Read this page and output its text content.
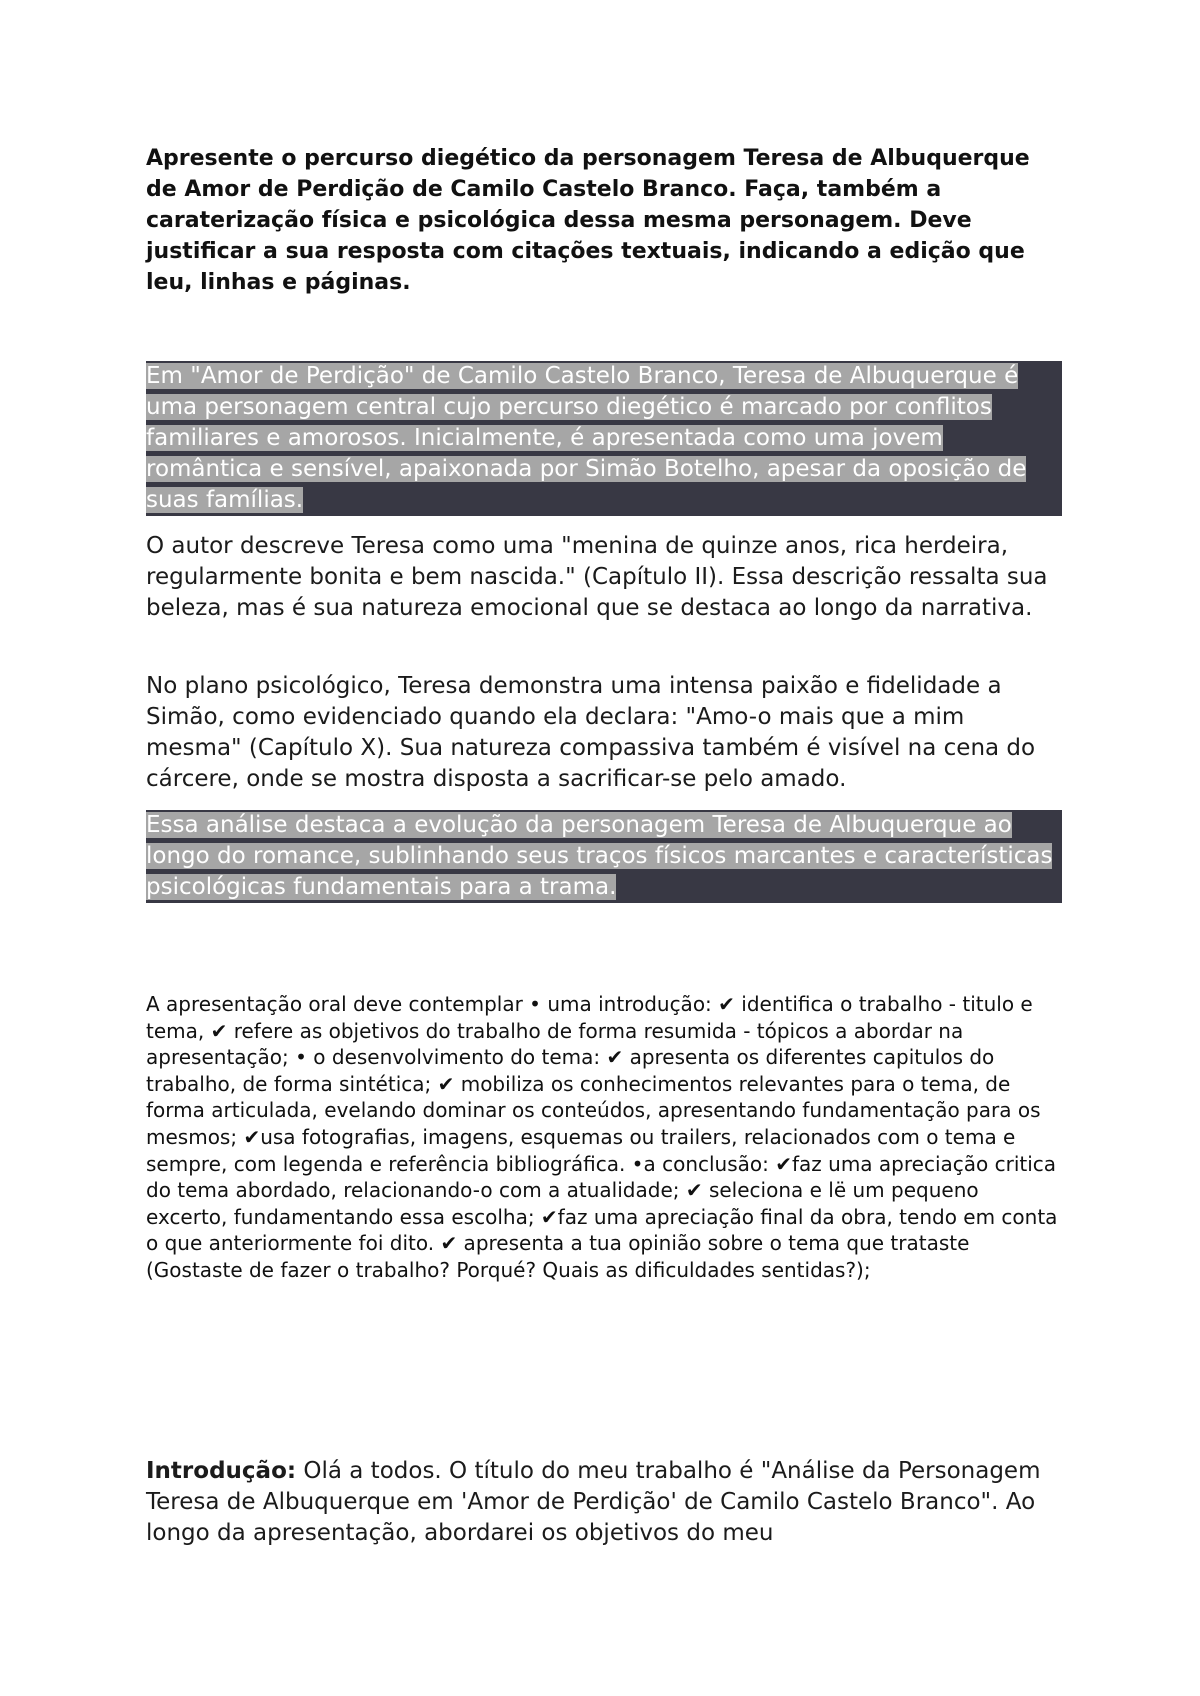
Apresente o percurso diegético da personagem Teresa de Albuquerque de Amor de Perdição de Camilo Castelo Branco. Faça, também a caraterização física e psicológica dessa mesma personagem. Deve justificar a sua resposta com citações textuais, indicando a edição que leu, linhas e páginas.

Em "Amor de Perdição" de Camilo Castelo Branco, Teresa de Albuquerque é uma personagem central cujo percurso diegético é marcado por conflitos familiares e amorosos. Inicialmente, é apresentada como uma jovem romântica e sensível, apaixonada por Simão Botelho, apesar da oposição de suas famílias.

O autor descreve Teresa como uma "menina de quinze anos, rica herdeira, regularmente bonita e bem nascida." (Capítulo II). Essa descrição ressalta sua beleza, mas é sua natureza emocional que se destaca ao longo da narrativa.

No plano psicológico, Teresa demonstra uma intensa paixão e fidelidade a Simão, como evidenciado quando ela declara: "Amo-o mais que a mim mesma" (Capítulo X). Sua natureza compassiva também é visível na cena do cárcere, onde se mostra disposta a sacrificar-se pelo amado.

Essa análise destaca a evolução da personagem Teresa de Albuquerque ao longo do romance, sublinhando seus traços físicos marcantes e características psicológicas fundamentais para a trama.

A apresentação oral deve contemplar • uma introdução: ✔ identifica o trabalho - titulo e tema, ✔ refere as objetivos do trabalho de forma resumida - tópicos a abordar na apresentação; • o desenvolvimento do tema: ✔ apresenta os diferentes capitulos do trabalho, de forma sintética; ✔ mobiliza os conhecimentos relevantes para o tema, de forma articulada, evelando dominar os conteúdos, apresentando fundamentação para os mesmos; ✔usa fotografias, imagens, esquemas ou trailers, relacionados com o tema e sempre, com legenda e referência bibliográfica. •a conclusão: ✔faz uma apreciação critica do tema abordado, relacionando-o com a atualidade; ✔ seleciona e lë um pequeno excerto, fundamentando essa escolha; ✔faz uma apreciação final da obra, tendo em conta o que anteriormente foi dito. ✔ apresenta a tua opinião sobre o tema que trataste (Gostaste de fazer o trabalho? Porqué? Quais as dificuldades sentidas?);

Introdução: Olá a todos. O título do meu trabalho é "Análise da Personagem Teresa de Albuquerque em 'Amor de Perdição' de Camilo Castelo Branco". Ao longo da apresentação, abordarei os objetivos do meu
